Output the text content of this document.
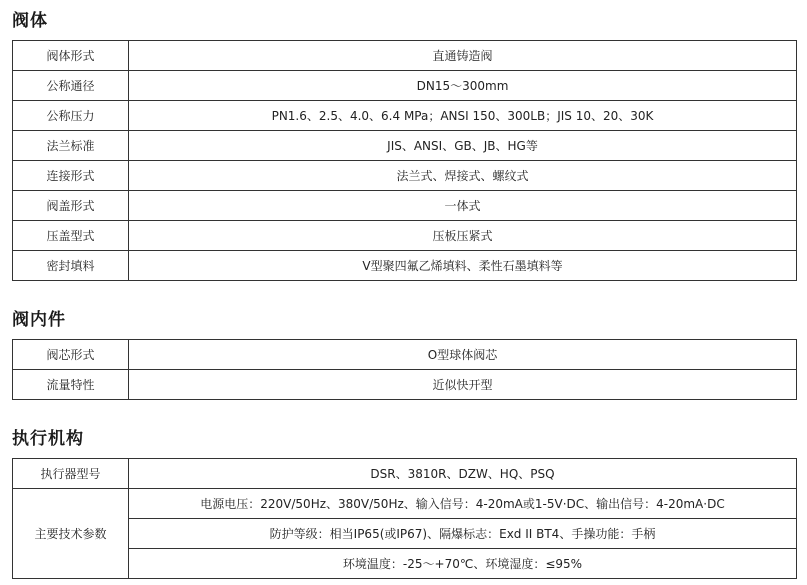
阀体
阀体形式	直通铸造阀
公称通径	DN15～300mm
公称压力	PN1.6、2.5、4.0、6.4 MPa；ANSI 150、300LB；JIS 10、20、30K
法兰标准	JIS、ANSI、GB、JB、HG等
连接形式	法兰式、焊接式、螺纹式
阀盖形式	一体式
压盖型式	压板压紧式
密封填料	V型聚四氟乙烯填料、柔性石墨填料等
阀内件
阀芯形式	O型球体阀芯
流量特性	近似快开型
执行机构
执行器型号	DSR、3810R、DZW、HQ、PSQ
主要技术参数	电源电压：220V/50Hz、380V/50Hz、输入信号：4-20mA或1-5V·DC、输出信号：4-20mA·DC
	防护等级：相当IP65(或IP67)、隔爆标志：Exd II BT4、手操功能：手柄
	环境温度：-25～+70℃、环境湿度：≤95%
